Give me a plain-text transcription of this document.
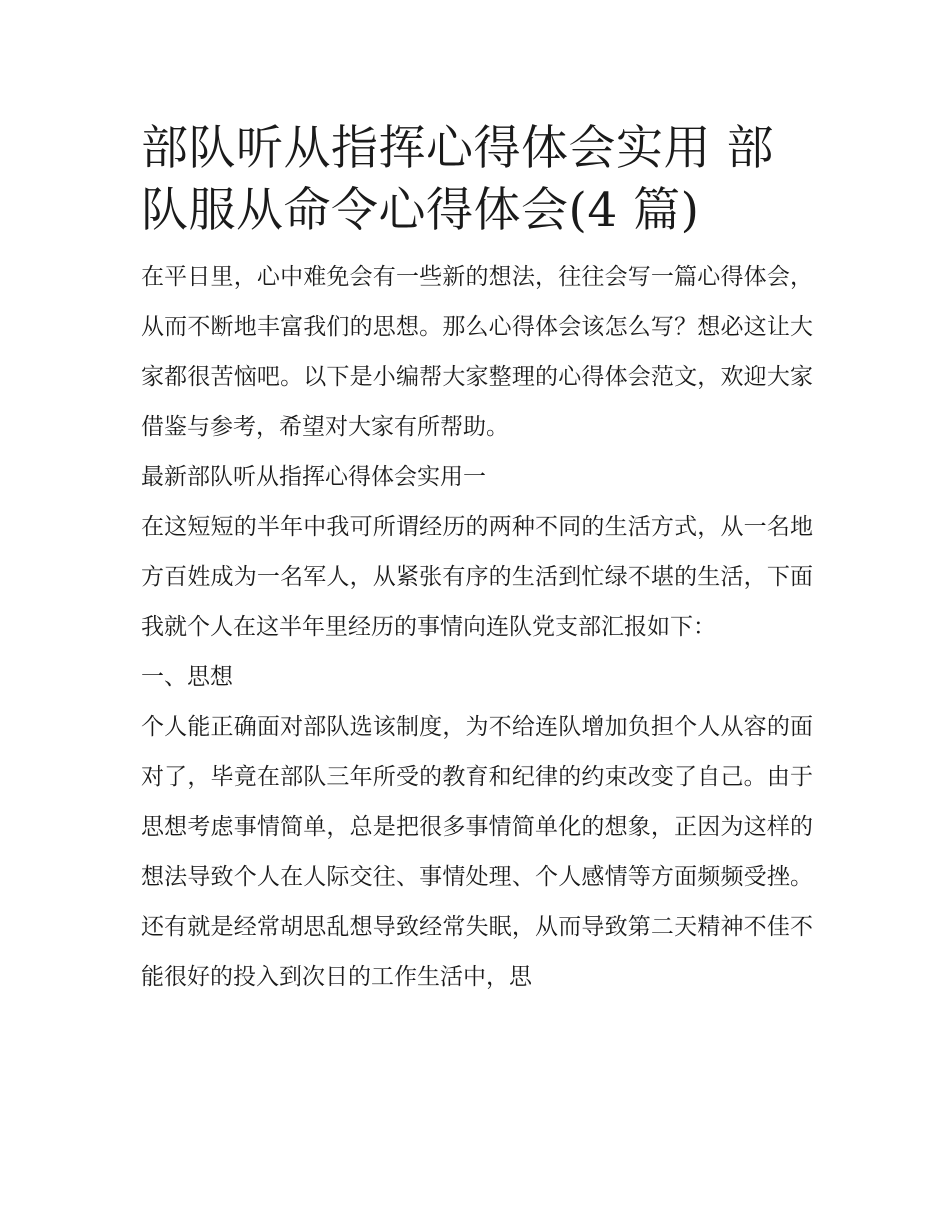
部队听从指挥心得体会实用 部队服从命令心得体会(4 篇)

在平日里，心中难免会有一些新的想法，往往会写一篇心得体会，从而不断地丰富我们的思想。那么心得体会该怎么写？想必这让大家都很苦恼吧。以下是小编帮大家整理的心得体会范文，欢迎大家借鉴与参考，希望对大家有所帮助。

最新部队听从指挥心得体会实用一

在这短短的半年中我可所谓经历的两种不同的生活方式，从一名地方百姓成为一名军人，从紧张有序的生活到忙绿不堪的生活，下面我就个人在这半年里经历的事情向连队党支部汇报如下：

一、思想

个人能正确面对部队选该制度，为不给连队增加负担个人从容的面对了，毕竟在部队三年所受的教育和纪律的约束改变了自己。由于思想考虑事情简单，总是把很多事情简单化的想象，正因为这样的想法导致个人在人际交往、事情处理、个人感情等方面频频受挫。还有就是经常胡思乱想导致经常失眠，从而导致第二天精神不佳不能很好的投入到次日的工作生活中，思
